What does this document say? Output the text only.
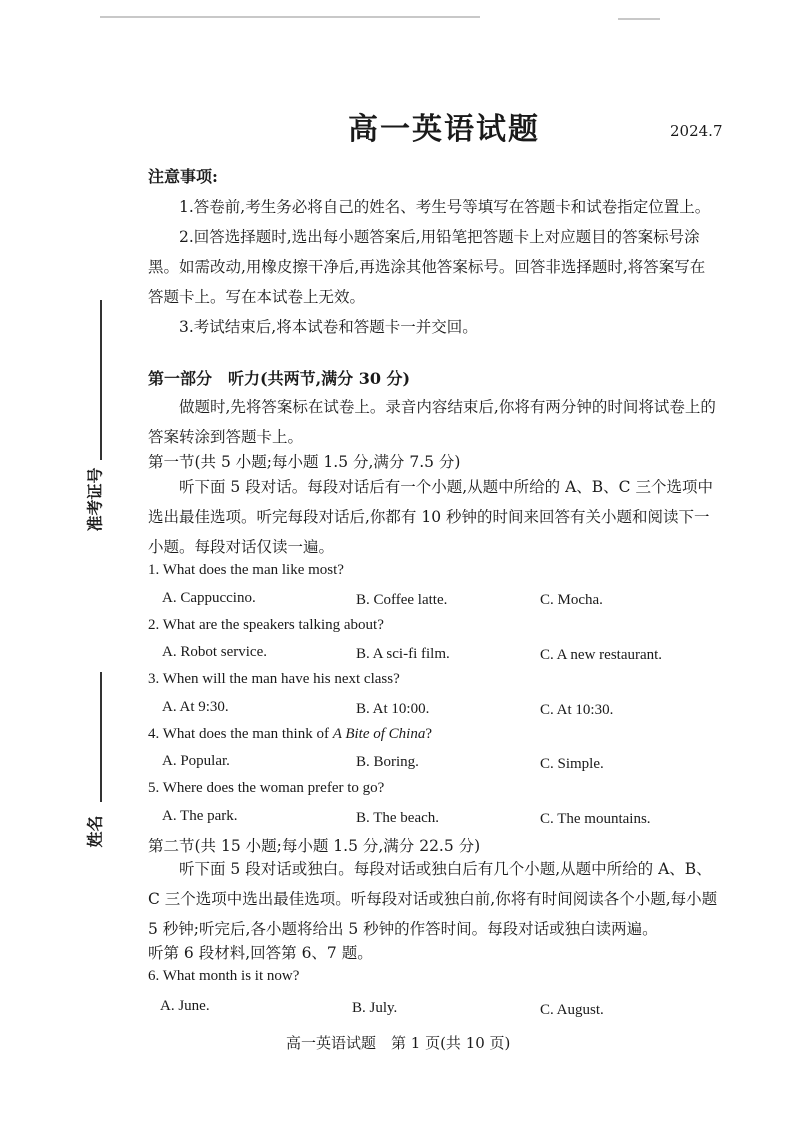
准考证号
姓名
高一英语试题	2024.7
注意事项:

1.答卷前,考生务必将自己的姓名、考生号等填写在答题卡和试卷指定位置上。

2.回答选择题时,选出每小题答案后,用铅笔把答题卡上对应题目的答案标号涂黑。如需改动,用橡皮擦干净后,再选涂其他答案标号。回答非选择题时,将答案写在答题卡上。写在本试卷上无效。

3.考试结束后,将本试卷和答题卡一并交回。

第一部分　听力(共两节,满分 30 分)

做题时,先将答案标在试卷上。录音内容结束后,你将有两分钟的时间将试卷上的答案转涂到答题卡上。

第一节(共 5 小题;每小题 1.5 分,满分 7.5 分)

听下面 5 段对话。每段对话后有一个小题,从题中所给的 A、B、C 三个选项中选出最佳选项。听完每段对话后,你都有 10 秒钟的时间来回答有关小题和阅读下一小题。每段对话仅读一遍。

1. What does the man like most?
A. Cappuccino.	B. Coffee latte.	C. Mocha.
2. What are the speakers talking about?
A. Robot service.	B. A sci-fi film.	C. A new restaurant.
3. When will the man have his next class?
A. At 9:30.	B. At 10:00.	C. At 10:30.
4. What does the man think of A Bite of China?
A. Popular.	B. Boring.	C. Simple.
5. Where does the woman prefer to go?
A. The park.	B. The beach.	C. The mountains.
第二节(共 15 小题;每小题 1.5 分,满分 22.5 分)

听下面 5 段对话或独白。每段对话或独白后有几个小题,从题中所给的 A、B、C 三个选项中选出最佳选项。听每段对话或独白前,你将有时间阅读各个小题,每小题 5 秒钟;听完后,各小题将给出 5 秒钟的作答时间。每段对话或独白读两遍。

听第 6 段材料,回答第 6、7 题。
6. What month is it now?
A. June.	B. July.	C. August.
高一英语试题　第 1 页(共 10 页)
